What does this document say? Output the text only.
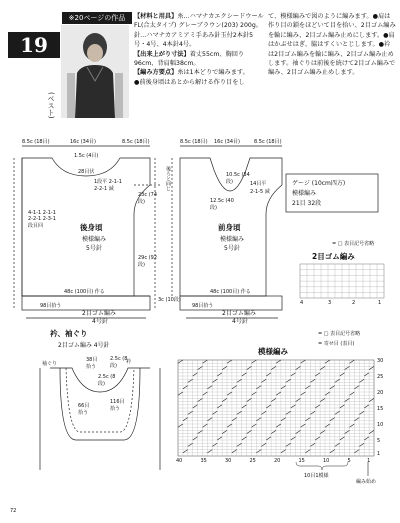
19
※20ページの作品
(ベスト)
【材料と用具】糸…ハマナカエクシードウールFL(合太タイプ) グレーブラウン(203) 200g。
針…ハマナカアミアミ手あみ針玉付2本針5号・4号、4本針4号。
【出来上がり寸法】着丈55cm、胸回り96cm、背肩幅38cm。
【編み方要点】糸は1本どりで編みます。
●前後身頃はあとから解ける作り目をし
て、模様編みで図のように編みます。●肩は作り目の鎖をほどいて目を拾い、2目ゴム編みを輪に編み、2目ゴム編み止めにします。●肩はかぶせはぎ、脇はすくいとじします。●衿は2目ゴム編みを輪に編み、2目ゴム編み止めします。袖ぐりは前後を続けて2目ゴム編みで編み、2目ゴム編み止めします。
8.5c (18目)	16c (34目)	8.5c (18目)
1.5c (4目)
28目伏
1段平 2-1-1 2-2-1 減
4-1-1 2-1-1 2-2-1 2-3-1 段目回
23c (74段)
29c (92段)
後身頃
模様編み
5号針
48c (100目) 作る
3c (10段)
98目拾う
2目ゴム編み
4号針
8.5c (18目) 16c (34目)	8.5c (18目)
10.5c (34段)	14目平
2-1-5 減
12.5c (40段)
後ろと同じ
前身頃
模様編み
5号針
48c (100目) 作る
98目拾う
2目ゴム編み
4号針
ゲージ (10cm四方)
模様編み
21目 32段
= □ 表目記号省略
2目ゴム編み
4	3	2	1
衿、袖ぐり
2目ゴム編み 4号針
袖ぐり	衿
38目 拾う
2.5c (8段)
2.5c (8段)
66目 拾う
116目 拾う
= □ 表目記号省略
= 寄せ目 (表目)
模様編み
40	35	30	25	20	15	10	5	1
30
25
20
15
10
5
1
10目1模様
編み始め
72
